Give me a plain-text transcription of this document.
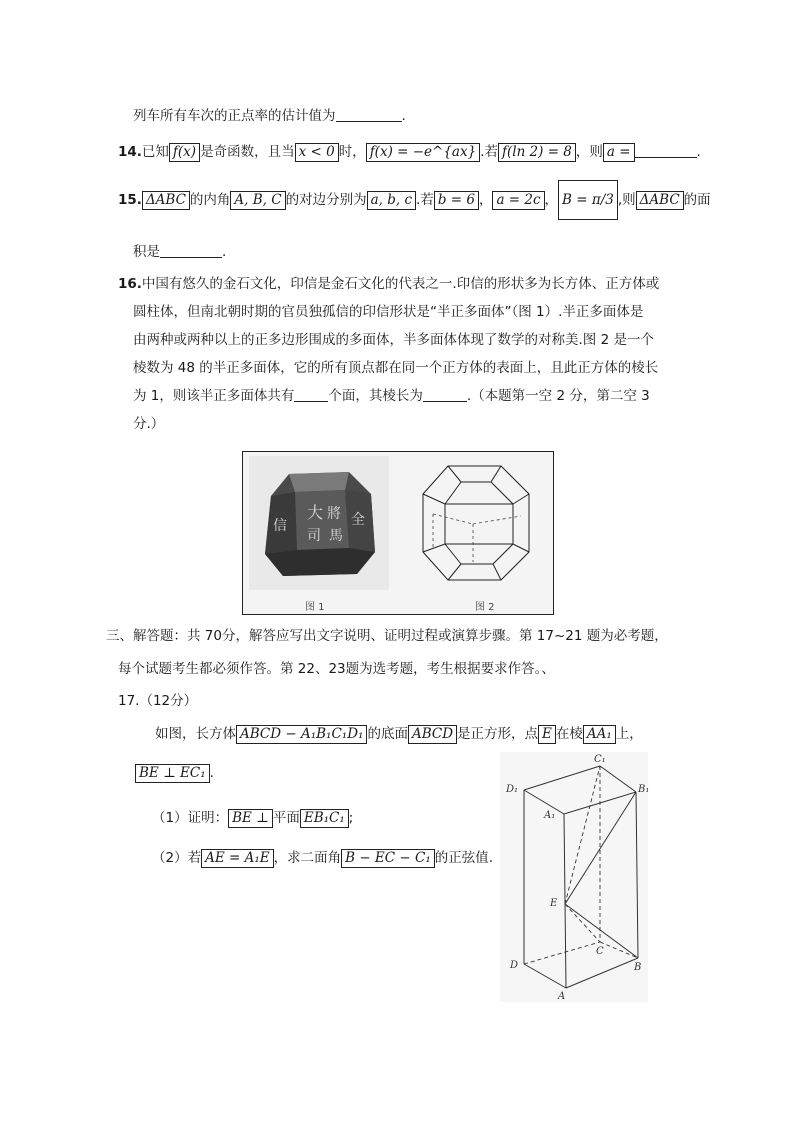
列车所有车次的正点率的估计值为	.
14.已知 f(x) 是奇函数，且当 x < 0 时， f(x) = −e^{ax} .若 f(ln 2) = 8 ，则 a =	.
15. ΔABC 的内角 A, B, C 的对边分别为 a, b, c .若 b = 6 ， a = 2c ， B = π/3 ,则 ΔABC 的面
积是	.
16.中国有悠久的金石文化，印信是金石文化的代表之一.印信的形状多为长方体、正方体或
圆柱体，但南北朝时期的官员独孤信的印信形状是“半正多面体”（图 1）.半正多面体是
由两种或两种以上的正多边形围成的多面体，半多面体体现了数学的对称美.图 2 是一个
棱数为 48 的半正多面体，它的所有顶点都在同一个正方体的表面上，且此正方体的棱长
为 1，则该半正多面体共有	个面，其棱长为	.（本题第一空 2 分，第二空 3
分.）
大
司
全
將
馬
信
图 1	图 2
三、解答题：共 70分，解答应写出文字说明、证明过程或演算步骤。第 17~21 题为必考题，
每个试题考生都必须作答。第 22、23题为选考题，考生根据要求作答。、
17.（12分）
如图，长方体 ABCD − A₁B₁C₁D₁ 的底面 ABCD 是正方形，点 E 在棱 AA₁ 上，
BE ⊥ EC₁ .
（1）证明： BE ⊥ 平面 EB₁C₁ ;
（2）若 AE = A₁E ，求二面角 B − EC − C₁ 的正弦值.
C₁
D₁	B₁
A₁
E
C
D	B
A
